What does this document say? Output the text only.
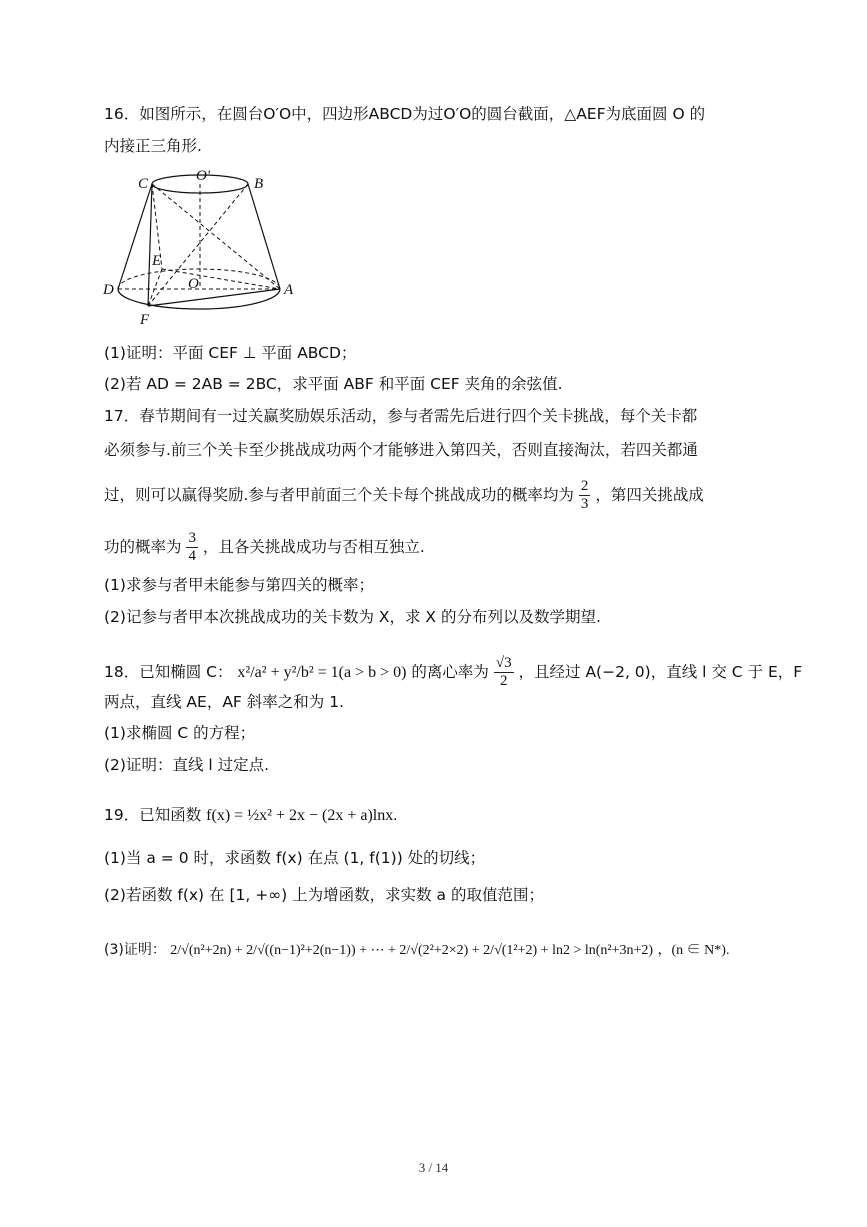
16．如图所示，在圆台O′O中，四边形ABCD为过O′O的圆台截面，△AEF为底面圆 O 的
内接正三角形.
C	O′	B
E
O
D	A
F
(1)证明：平面 CEF ⊥ 平面 ABCD；
(2)若 AD = 2AB = 2BC，求平面 ABF 和平面 CEF 夹角的余弦值.
17．春节期间有一过关赢奖励娱乐活动，参与者需先后进行四个关卡挑战，每个关卡都
必须参与.前三个关卡至少挑战成功两个才能够进入第四关，否则直接淘汰，若四关都通
过，则可以赢得奖励.参与者甲前面三个关卡每个挑战成功的概率均为 $\frac{2}{3}$ ，第四关挑战成
功的概率为 $\frac{3}{4}$ ，且各关挑战成功与否相互独立.
(1)求参与者甲未能参与第四关的概率；
(2)记参与者甲本次挑战成功的关卡数为 X，求 X 的分布列以及数学期望.
18．已知椭圆 C： x²/a² + y²/b² = 1(a > b > 0) 的离心率为 $\frac{√3}{2}$ ，且经过 A(−2, 0)，直线 l 交 C 于 E，F
两点，直线 AE，AF 斜率之和为 1.
(1)求椭圆 C 的方程；
(2)证明：直线 l 过定点.
19．已知函数 f(x) = ½x² + 2x − (2x + a)lnx.
(1)当 a = 0 时，求函数 f(x) 在点 (1, f(1)) 处的切线；
(2)若函数 f(x) 在 [1, +∞) 上为增函数，求实数 a 的取值范围；
(3)证明： 2/√(n²+2n) + 2/√((n−1)²+2(n−1)) + ⋯ + 2/√(2²+2×2) + 2/√(1²+2) + ln2 > ln(n²+3n+2) ，(n ∈ N*).
3 / 14
